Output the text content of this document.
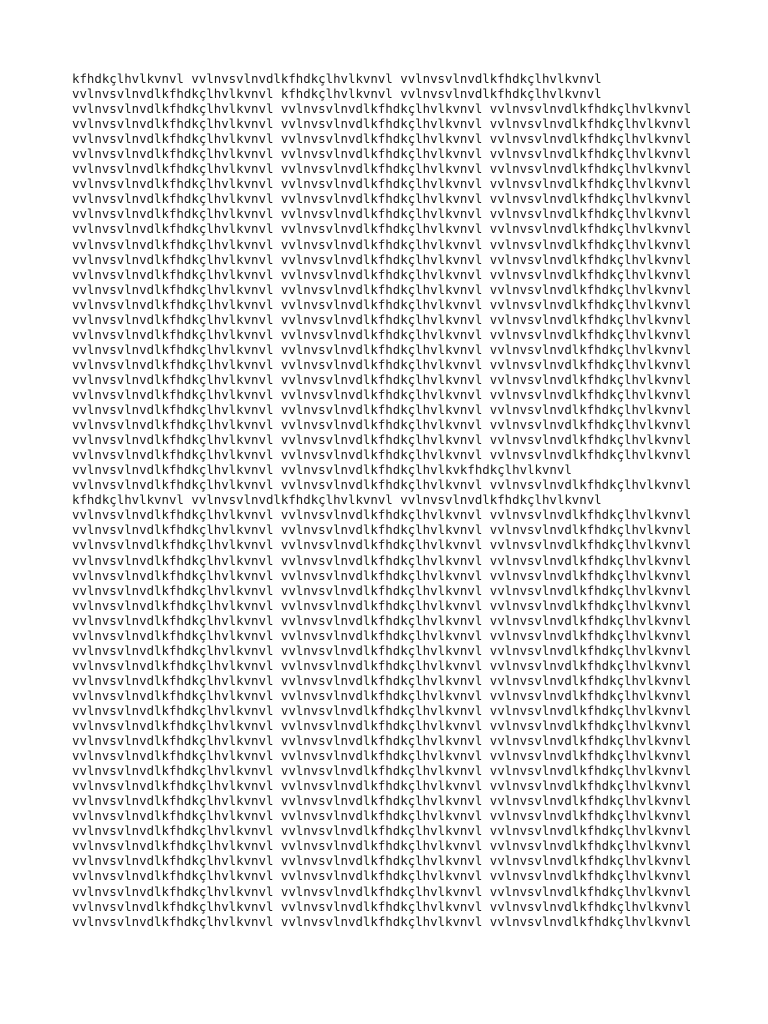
kfhdkçlhvlkvnvl vvlnvsvlnvdlkfhdkçlhvlkvnvl vvlnvsvlnvdlkfhdkçlhvlkvnvl
vvlnvsvlnvdlkfhdkçlhvlkvnvl kfhdkçlhvlkvnvl vvlnvsvlnvdlkfhdkçlhvlkvnvl
vvlnvsvlnvdlkfhdkçlhvlkvnvl vvlnvsvlnvdlkfhdkçlhvlkvnvl vvlnvsvlnvdlkfhdkçlhvlkvnvl
vvlnvsvlnvdlkfhdkçlhvlkvnvl vvlnvsvlnvdlkfhdkçlhvlkvnvl vvlnvsvlnvdlkfhdkçlhvlkvnvl
vvlnvsvlnvdlkfhdkçlhvlkvnvl vvlnvsvlnvdlkfhdkçlhvlkvnvl vvlnvsvlnvdlkfhdkçlhvlkvnvl
vvlnvsvlnvdlkfhdkçlhvlkvnvl vvlnvsvlnvdlkfhdkçlhvlkvnvl vvlnvsvlnvdlkfhdkçlhvlkvnvl
vvlnvsvlnvdlkfhdkçlhvlkvnvl vvlnvsvlnvdlkfhdkçlhvlkvnvl vvlnvsvlnvdlkfhdkçlhvlkvnvl
vvlnvsvlnvdlkfhdkçlhvlkvnvl vvlnvsvlnvdlkfhdkçlhvlkvnvl vvlnvsvlnvdlkfhdkçlhvlkvnvl
vvlnvsvlnvdlkfhdkçlhvlkvnvl vvlnvsvlnvdlkfhdkçlhvlkvnvl vvlnvsvlnvdlkfhdkçlhvlkvnvl
vvlnvsvlnvdlkfhdkçlhvlkvnvl vvlnvsvlnvdlkfhdkçlhvlkvnvl vvlnvsvlnvdlkfhdkçlhvlkvnvl
vvlnvsvlnvdlkfhdkçlhvlkvnvl vvlnvsvlnvdlkfhdkçlhvlkvnvl vvlnvsvlnvdlkfhdkçlhvlkvnvl
vvlnvsvlnvdlkfhdkçlhvlkvnvl vvlnvsvlnvdlkfhdkçlhvlkvnvl vvlnvsvlnvdlkfhdkçlhvlkvnvl
vvlnvsvlnvdlkfhdkçlhvlkvnvl vvlnvsvlnvdlkfhdkçlhvlkvnvl vvlnvsvlnvdlkfhdkçlhvlkvnvl
vvlnvsvlnvdlkfhdkçlhvlkvnvl vvlnvsvlnvdlkfhdkçlhvlkvnvl vvlnvsvlnvdlkfhdkçlhvlkvnvl
vvlnvsvlnvdlkfhdkçlhvlkvnvl vvlnvsvlnvdlkfhdkçlhvlkvnvl vvlnvsvlnvdlkfhdkçlhvlkvnvl
vvlnvsvlnvdlkfhdkçlhvlkvnvl vvlnvsvlnvdlkfhdkçlhvlkvnvl vvlnvsvlnvdlkfhdkçlhvlkvnvl
vvlnvsvlnvdlkfhdkçlhvlkvnvl vvlnvsvlnvdlkfhdkçlhvlkvnvl vvlnvsvlnvdlkfhdkçlhvlkvnvl
vvlnvsvlnvdlkfhdkçlhvlkvnvl vvlnvsvlnvdlkfhdkçlhvlkvnvl vvlnvsvlnvdlkfhdkçlhvlkvnvl
vvlnvsvlnvdlkfhdkçlhvlkvnvl vvlnvsvlnvdlkfhdkçlhvlkvnvl vvlnvsvlnvdlkfhdkçlhvlkvnvl
vvlnvsvlnvdlkfhdkçlhvlkvnvl vvlnvsvlnvdlkfhdkçlhvlkvnvl vvlnvsvlnvdlkfhdkçlhvlkvnvl
vvlnvsvlnvdlkfhdkçlhvlkvnvl vvlnvsvlnvdlkfhdkçlhvlkvnvl vvlnvsvlnvdlkfhdkçlhvlkvnvl
vvlnvsvlnvdlkfhdkçlhvlkvnvl vvlnvsvlnvdlkfhdkçlhvlkvnvl vvlnvsvlnvdlkfhdkçlhvlkvnvl
vvlnvsvlnvdlkfhdkçlhvlkvnvl vvlnvsvlnvdlkfhdkçlhvlkvnvl vvlnvsvlnvdlkfhdkçlhvlkvnvl
vvlnvsvlnvdlkfhdkçlhvlkvnvl vvlnvsvlnvdlkfhdkçlhvlkvnvl vvlnvsvlnvdlkfhdkçlhvlkvnvl
vvlnvsvlnvdlkfhdkçlhvlkvnvl vvlnvsvlnvdlkfhdkçlhvlkvnvl vvlnvsvlnvdlkfhdkçlhvlkvnvl
vvlnvsvlnvdlkfhdkçlhvlkvnvl vvlnvsvlnvdlkfhdkçlhvlkvnvl vvlnvsvlnvdlkfhdkçlhvlkvnvl
vvlnvsvlnvdlkfhdkçlhvlkvnvl vvlnvsvlnvdlkfhdkçlhvlkvkfhdkçlhvlkvnvl
vvlnvsvlnvdlkfhdkçlhvlkvnvl vvlnvsvlnvdlkfhdkçlhvlkvnvl vvlnvsvlnvdlkfhdkçlhvlkvnvl
kfhdkçlhvlkvnvl vvlnvsvlnvdlkfhdkçlhvlkvnvl vvlnvsvlnvdlkfhdkçlhvlkvnvl
vvlnvsvlnvdlkfhdkçlhvlkvnvl vvlnvsvlnvdlkfhdkçlhvlkvnvl vvlnvsvlnvdlkfhdkçlhvlkvnvl
vvlnvsvlnvdlkfhdkçlhvlkvnvl vvlnvsvlnvdlkfhdkçlhvlkvnvl vvlnvsvlnvdlkfhdkçlhvlkvnvl
vvlnvsvlnvdlkfhdkçlhvlkvnvl vvlnvsvlnvdlkfhdkçlhvlkvnvl vvlnvsvlnvdlkfhdkçlhvlkvnvl
vvlnvsvlnvdlkfhdkçlhvlkvnvl vvlnvsvlnvdlkfhdkçlhvlkvnvl vvlnvsvlnvdlkfhdkçlhvlkvnvl
vvlnvsvlnvdlkfhdkçlhvlkvnvl vvlnvsvlnvdlkfhdkçlhvlkvnvl vvlnvsvlnvdlkfhdkçlhvlkvnvl
vvlnvsvlnvdlkfhdkçlhvlkvnvl vvlnvsvlnvdlkfhdkçlhvlkvnvl vvlnvsvlnvdlkfhdkçlhvlkvnvl
vvlnvsvlnvdlkfhdkçlhvlkvnvl vvlnvsvlnvdlkfhdkçlhvlkvnvl vvlnvsvlnvdlkfhdkçlhvlkvnvl
vvlnvsvlnvdlkfhdkçlhvlkvnvl vvlnvsvlnvdlkfhdkçlhvlkvnvl vvlnvsvlnvdlkfhdkçlhvlkvnvl
vvlnvsvlnvdlkfhdkçlhvlkvnvl vvlnvsvlnvdlkfhdkçlhvlkvnvl vvlnvsvlnvdlkfhdkçlhvlkvnvl
vvlnvsvlnvdlkfhdkçlhvlkvnvl vvlnvsvlnvdlkfhdkçlhvlkvnvl vvlnvsvlnvdlkfhdkçlhvlkvnvl
vvlnvsvlnvdlkfhdkçlhvlkvnvl vvlnvsvlnvdlkfhdkçlhvlkvnvl vvlnvsvlnvdlkfhdkçlhvlkvnvl
vvlnvsvlnvdlkfhdkçlhvlkvnvl vvlnvsvlnvdlkfhdkçlhvlkvnvl vvlnvsvlnvdlkfhdkçlhvlkvnvl
vvlnvsvlnvdlkfhdkçlhvlkvnvl vvlnvsvlnvdlkfhdkçlhvlkvnvl vvlnvsvlnvdlkfhdkçlhvlkvnvl
vvlnvsvlnvdlkfhdkçlhvlkvnvl vvlnvsvlnvdlkfhdkçlhvlkvnvl vvlnvsvlnvdlkfhdkçlhvlkvnvl
vvlnvsvlnvdlkfhdkçlhvlkvnvl vvlnvsvlnvdlkfhdkçlhvlkvnvl vvlnvsvlnvdlkfhdkçlhvlkvnvl
vvlnvsvlnvdlkfhdkçlhvlkvnvl vvlnvsvlnvdlkfhdkçlhvlkvnvl vvlnvsvlnvdlkfhdkçlhvlkvnvl
vvlnvsvlnvdlkfhdkçlhvlkvnvl vvlnvsvlnvdlkfhdkçlhvlkvnvl vvlnvsvlnvdlkfhdkçlhvlkvnvl
vvlnvsvlnvdlkfhdkçlhvlkvnvl vvlnvsvlnvdlkfhdkçlhvlkvnvl vvlnvsvlnvdlkfhdkçlhvlkvnvl
vvlnvsvlnvdlkfhdkçlhvlkvnvl vvlnvsvlnvdlkfhdkçlhvlkvnvl vvlnvsvlnvdlkfhdkçlhvlkvnvl
vvlnvsvlnvdlkfhdkçlhvlkvnvl vvlnvsvlnvdlkfhdkçlhvlkvnvl vvlnvsvlnvdlkfhdkçlhvlkvnvl
vvlnvsvlnvdlkfhdkçlhvlkvnvl vvlnvsvlnvdlkfhdkçlhvlkvnvl vvlnvsvlnvdlkfhdkçlhvlkvnvl
vvlnvsvlnvdlkfhdkçlhvlkvnvl vvlnvsvlnvdlkfhdkçlhvlkvnvl vvlnvsvlnvdlkfhdkçlhvlkvnvl
vvlnvsvlnvdlkfhdkçlhvlkvnvl vvlnvsvlnvdlkfhdkçlhvlkvnvl vvlnvsvlnvdlkfhdkçlhvlkvnvl
vvlnvsvlnvdlkfhdkçlhvlkvnvl vvlnvsvlnvdlkfhdkçlhvlkvnvl vvlnvsvlnvdlkfhdkçlhvlkvnvl
vvlnvsvlnvdlkfhdkçlhvlkvnvl vvlnvsvlnvdlkfhdkçlhvlkvnvl vvlnvsvlnvdlkfhdkçlhvlkvnvl
vvlnvsvlnvdlkfhdkçlhvlkvnvl vvlnvsvlnvdlkfhdkçlhvlkvnvl vvlnvsvlnvdlkfhdkçlhvlkvnvl
vvlnvsvlnvdlkfhdkçlhvlkvnvl vvlnvsvlnvdlkfhdkçlhvlkvnvl vvlnvsvlnvdlkfhdkçlhvlkvnvl
vvlnvsvlnvdlkfhdkçlhvlkvnvl vvlnvsvlnvdlkfhdkçlhvlkvnvl vvlnvsvlnvdlkfhdkçlhvlkvnvl
